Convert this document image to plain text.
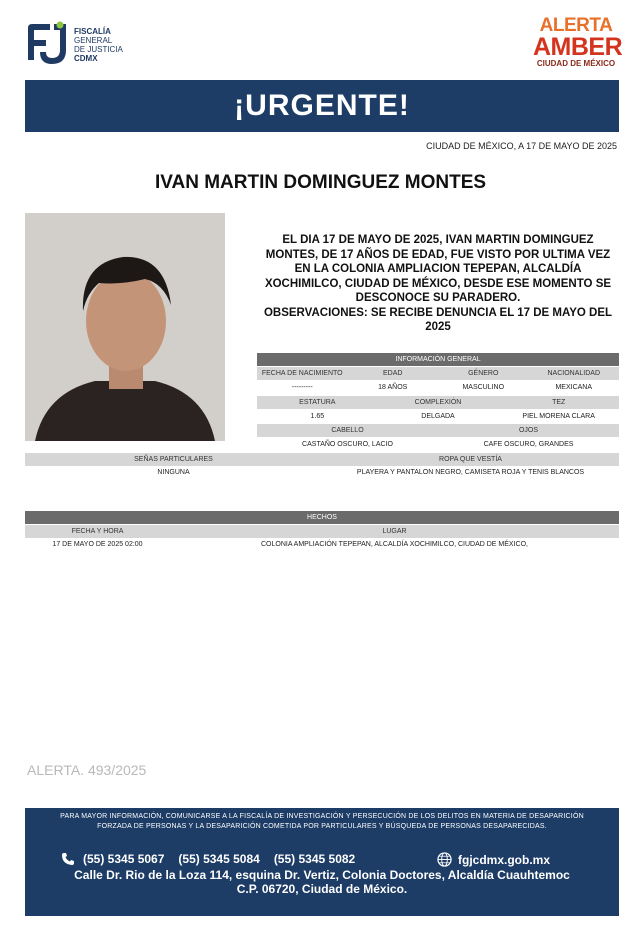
FISCALÍA
GENERAL
DE JUSTICIA
CDMX
ALERTA
AMBER
CIUDAD DE MÉXICO
¡URGENTE!
CIUDAD DE MÉXICO, A 17 DE MAYO DE 2025
IVAN MARTIN DOMINGUEZ MONTES
EL DIA 17 DE MAYO DE 2025, IVAN MARTIN DOMINGUEZ MONTES, DE 17 AÑOS DE EDAD, FUE VISTO POR ULTIMA VEZ EN LA COLONIA AMPLIACION TEPEPAN, ALCALDÍA XOCHIMILCO, CIUDAD DE MÉXICO, DESDE ESE MOMENTO SE DESCONOCE SU PARADERO.
OBSERVACIONES: SE RECIBE DENUNCIA EL 17 DE MAYO DEL 2025
INFORMACIÓN GENERAL
FECHA DE NACIMIENTO	EDAD	GÉNERO	NACIONALIDAD
---------	18 AÑOS	MASCULINO	MEXICANA
ESTATURA	COMPLEXIÓN	TEZ
1.65	DELGADA	PIEL MORENA CLARA
CABELLO	OJOS
CASTAÑO OSCURO, LACIO	CAFE OSCURO, GRANDES
SEÑAS PARTICULARES	ROPA QUE VESTÍA
NINGUNA	PLAYERA Y PANTALON NEGRO, CAMISETA ROJA Y TENIS BLANCOS
HECHOS
FECHA Y HORA	LUGAR
17 DE MAYO DE 2025 02:00	COLONIA AMPLIACIÓN TEPEPAN, ALCALDÍA XOCHIMILCO, CIUDAD DE MÉXICO,
ALERTA. 493/2025
PARA MAYOR INFORMACIÓN, COMUNICARSE A LA FISCALÍA DE INVESTIGACIÓN Y PERSECUCIÓN DE LOS DELITOS EN MATERIA DE DESAPARICIÓN
FORZADA DE PERSONAS Y LA DESAPARICIÓN COMETIDA POR PARTICULARES Y BÚSQUEDA DE PERSONAS DESAPARECIDAS.
(55) 5345 5067 (55) 5345 5084 (55) 5345 5082	fgjcdmx.gob.mx
Calle Dr. Rio de la Loza 114, esquina Dr. Vertiz, Colonia Doctores, Alcaldía Cuauhtemoc
C.P. 06720, Ciudad de México.
